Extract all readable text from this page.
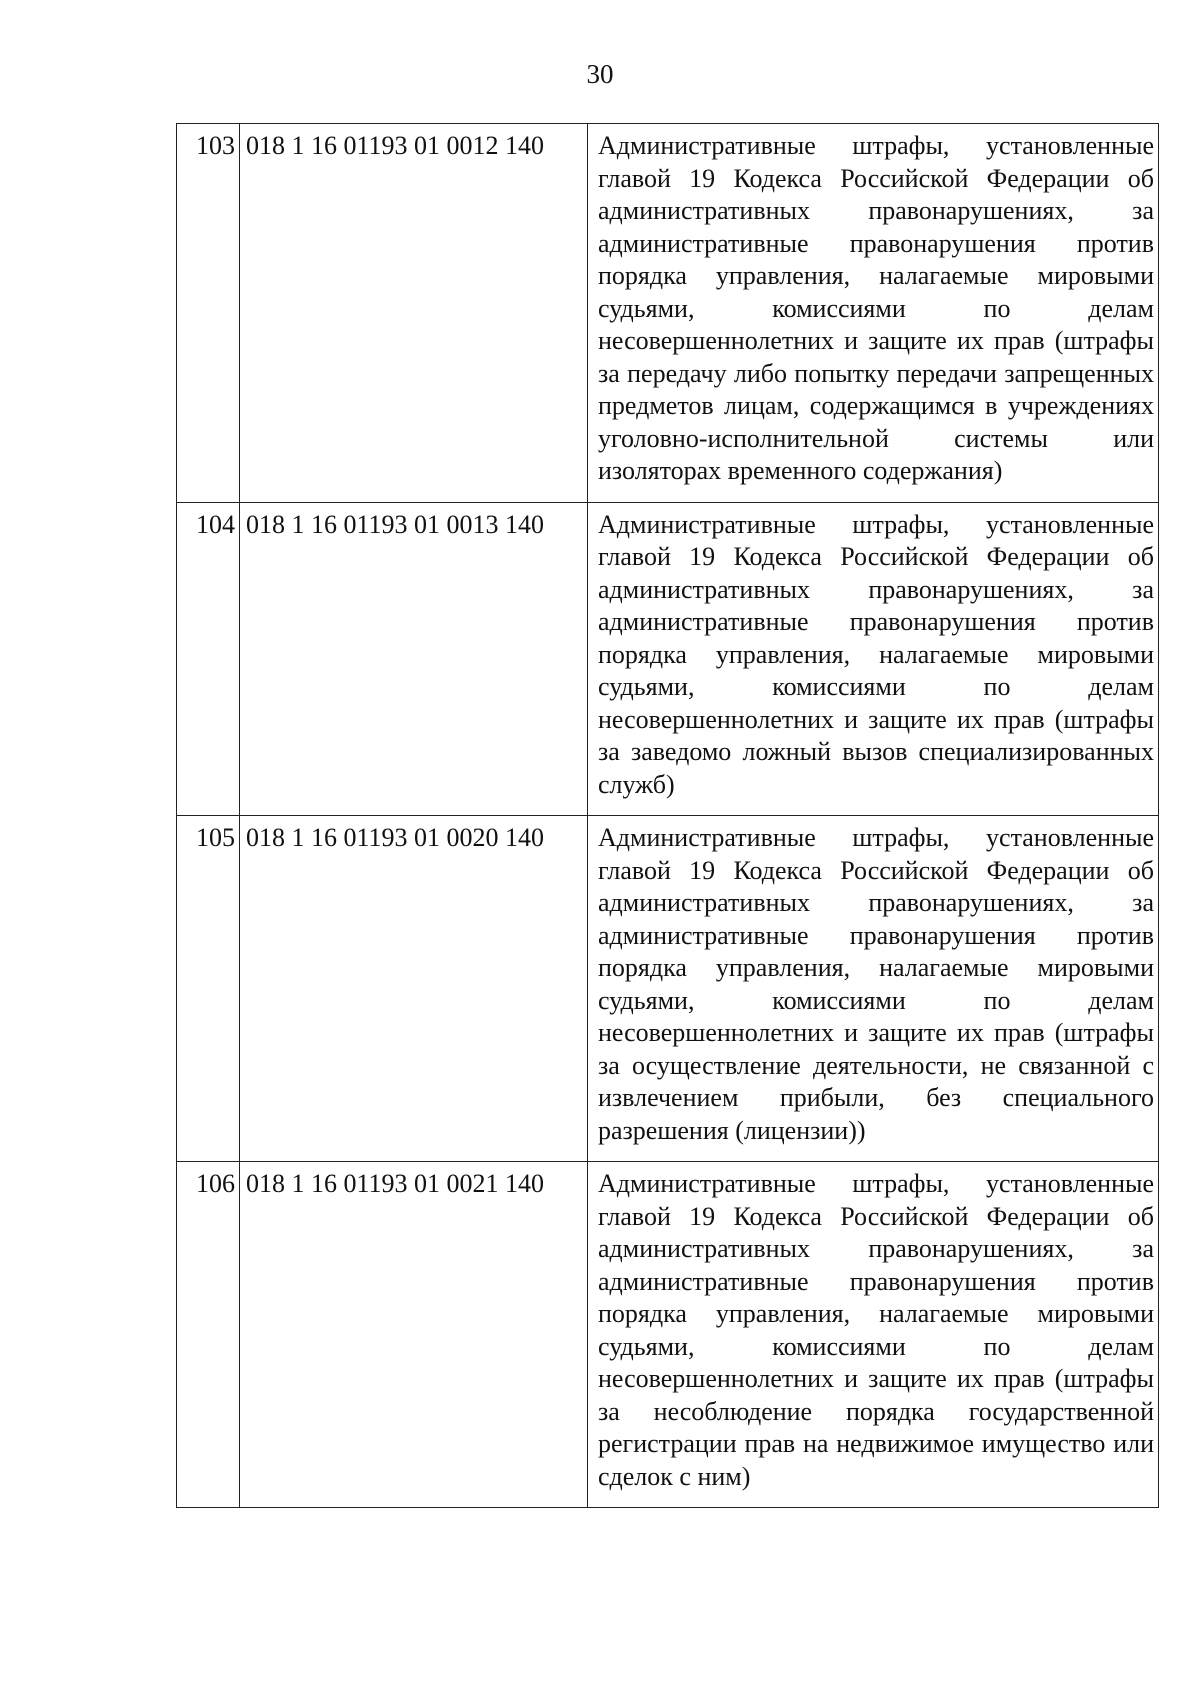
30
103	018 1 16 01193 01 0012 140	Административные штрафы, установленные главой 19 Кодекса Российской Федерации об административных правонарушениях, за административные правонарушения против порядка управления, налагаемые мировыми судьями, комиссиями по делам несовершеннолетних и защите их прав (штрафы за передачу либо попытку передачи запрещенных предметов лицам, содержащимся в учреждениях уголовно-исполнительной системы или изоляторах временного содержания)
104	018 1 16 01193 01 0013 140	Административные штрафы, установленные главой 19 Кодекса Российской Федерации об административных правонарушениях, за административные правонарушения против порядка управления, налагаемые мировыми судьями, комиссиями по делам несовершеннолетних и защите их прав (штрафы за заведомо ложный вызов специализированных служб)
105	018 1 16 01193 01 0020 140	Административные штрафы, установленные главой 19 Кодекса Российской Федерации об административных правонарушениях, за административные правонарушения против порядка управления, налагаемые мировыми судьями, комиссиями по делам несовершеннолетних и защите их прав (штрафы за осуществление деятельности, не связанной с извлечением прибыли, без специального разрешения (лицензии))
106	018 1 16 01193 01 0021 140	Административные штрафы, установленные главой 19 Кодекса Российской Федерации об административных правонарушениях, за административные правонарушения против порядка управления, налагаемые мировыми судьями, комиссиями по делам несовершеннолетних и защите их прав (штрафы за несоблюдение порядка государственной регистрации прав на недвижимое имущество или сделок с ним)
